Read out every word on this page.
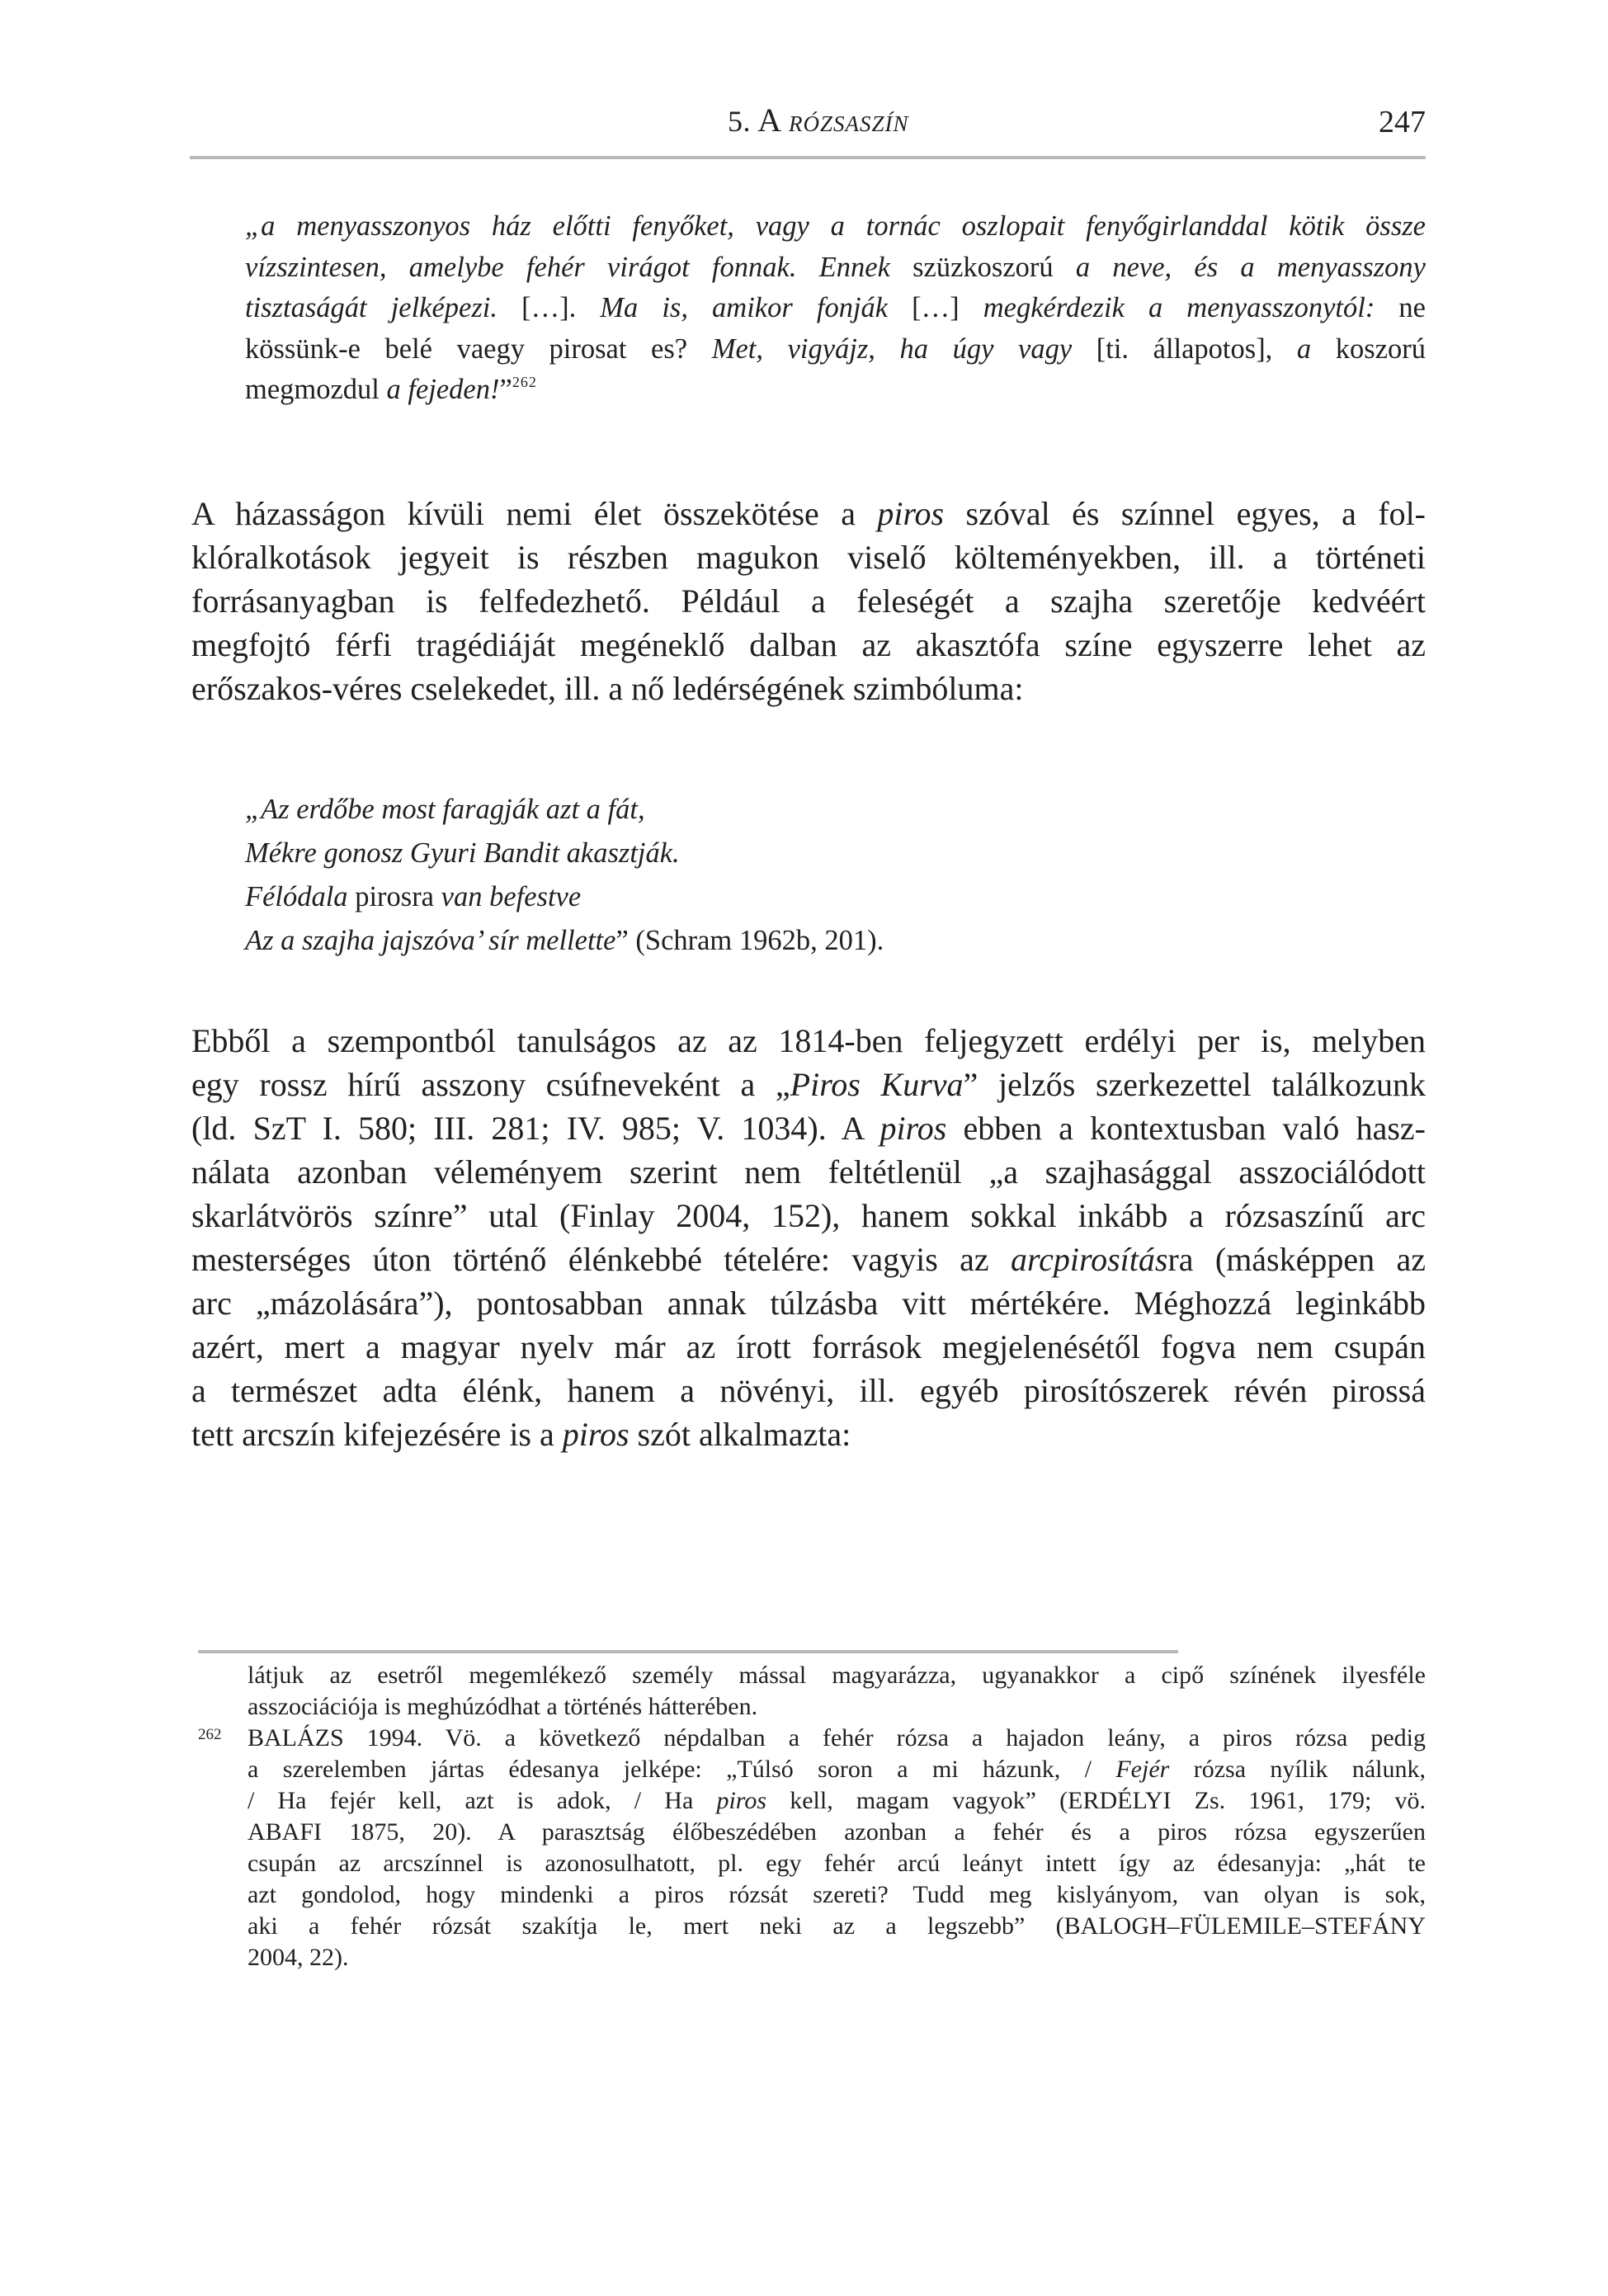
5. A RÓZSASZÍN	247
„a menyasszonyos ház előtti fenyőket, vagy a tornác oszlopait fenyőgirlanddal kötik össze
vízszintesen, amelybe fehér virágot fonnak. Ennek szüzkoszorú a neve, és a menyasszony
tisztaságát jelképezi. […]. Ma is, amikor fonják […] megkérdezik a menyasszonytól: ne
kössünk-e belé vaegy pirosat es? Met, vigyájz, ha úgy vagy [ti. állapotos], a koszorú
megmozdul a fejeden!”$^{262}$
A házasságon kívüli nemi élet összekötése a piros szóval és színnel egyes, a fol-
klóralkotások jegyeit is részben magukon viselő költeményekben, ill. a történeti
forrásanyagban is felfedezhető. Például a feleségét a szajha szeretője kedvéért
megfojtó férfi tragédiáját megéneklő dalban az akasztófa színe egyszerre lehet az
erőszakos-véres cselekedet, ill. a nő ledérségének szimbóluma:
„Az erdőbe most faragják azt a fát,
Mékre gonosz Gyuri Bandit akasztják.
Félódala pirosra van befestve
Az a szajha jajszóva’ sír mellette” (Schram 1962b, 201).
Ebből a szempontból tanulságos az az 1814-ben feljegyzett erdélyi per is, melyben
egy rossz hírű asszony csúfneveként a „Piros Kurva” jelzős szerkezettel találkozunk
(ld. SzT I. 580; III. 281; IV. 985; V. 1034). A piros ebben a kontextusban való hasz-
nálata azonban véleményem szerint nem feltétlenül „a szajhasággal asszociálódott
skarlátvörös színre” utal (Finlay 2004, 152), hanem sokkal inkább a rózsaszínű arc
mesterséges úton történő élénkebbé tételére: vagyis az arcpirosításra (másképpen az
arc „mázolására”), pontosabban annak túlzásba vitt mértékére. Méghozzá leginkább
azért, mert a magyar nyelv már az írott források megjelenésétől fogva nem csupán
a természet adta élénk, hanem a növényi, ill. egyéb pirosítószerek révén pirossá
tett arcszín kifejezésére is a piros szót alkalmazta:
látjuk az esetről megemlékező személy mással magyarázza, ugyanakkor a cipő színének ilyesféle
asszociációja is meghúzódhat a történés hátterében.
262 BALÁZS 1994. Vö. a következő népdalban a fehér rózsa a hajadon leány, a piros rózsa pedig
a szerelemben jártas édesanya jelképe: „Túlsó soron a mi házunk, / Fejér rózsa nyílik nálunk,
/ Ha fejér kell, azt is adok, / Ha piros kell, magam vagyok” (ERDÉLYI Zs. 1961, 179; vö.
ABAFI 1875, 20). A parasztság élőbeszédében azonban a fehér és a piros rózsa egyszerűen
csupán az arcszínnel is azonosulhatott, pl. egy fehér arcú leányt intett így az édesanyja: „hát te
azt gondolod, hogy mindenki a piros rózsát szereti? Tudd meg kislyányom, van olyan is sok,
aki a fehér rózsát szakítja le, mert neki az a legszebb” (BALOGH–FÜLEMILE–STEFÁNY
2004, 22).
